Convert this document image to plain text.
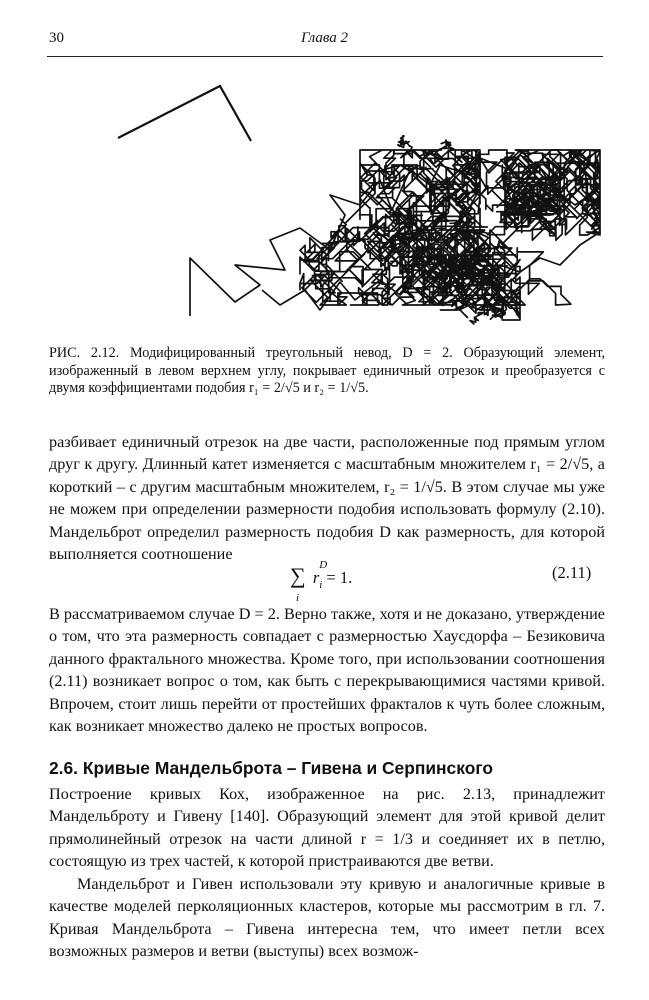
30	Глава 2
РИС. 2.12. Модифицированный треугольный невод, D = 2. Образующий элемент, изображенный в левом верхнем углу, покрывает единичный отрезок и преобразуется с двумя коэффициентами подобия r₁ = 2/√5 и r₂ = 1/√5.

разбивает единичный отрезок на две части, расположенные под прямым углом друг к другу. Длинный катет изменяется с масштабным множителем r₁ = 2/√5, а короткий – с другим масштабным множителем, r₂ = 1/√5. В этом случае мы уже не можем при определении размерности подобия использовать формулу (2.10). Мандельброт определил размерность подобия D как размерность, для которой выполняется соотношение

∑
i
r
D
$_i$ = 1.	(2.11)

В рассматриваемом случае D = 2. Верно также, хотя и не доказано, утверждение о том, что эта размерность совпадает с размерностью Хаусдорфа – Безиковича данного фрактального множества. Кроме того, при использовании соотношения (2.11) возникает вопрос о том, как быть с перекрывающимися частями кривой. Впрочем, стоит лишь перейти от простейших фракталов к чуть более сложным, как возникает множество далеко не простых вопросов.

2.6. Кривые Мандельброта – Гивена и Серпинского

Построение кривых Кох, изображенное на рис. 2.13, принадлежит Мандельброту и Гивену [140]. Образующий элемент для этой кривой делит прямолинейный отрезок на части длиной r = 1/3 и соединяет их в петлю, состоящую из трех частей, к которой пристраиваются две ветви.

Мандельброт и Гивен использовали эту кривую и аналогичные кривые в качестве моделей перколяционных кластеров, которые мы рассмотрим в гл. 7. Кривая Мандельброта – Гивена интересна тем, что имеет петли всех возможных размеров и ветви (выступы) всех возмож-
